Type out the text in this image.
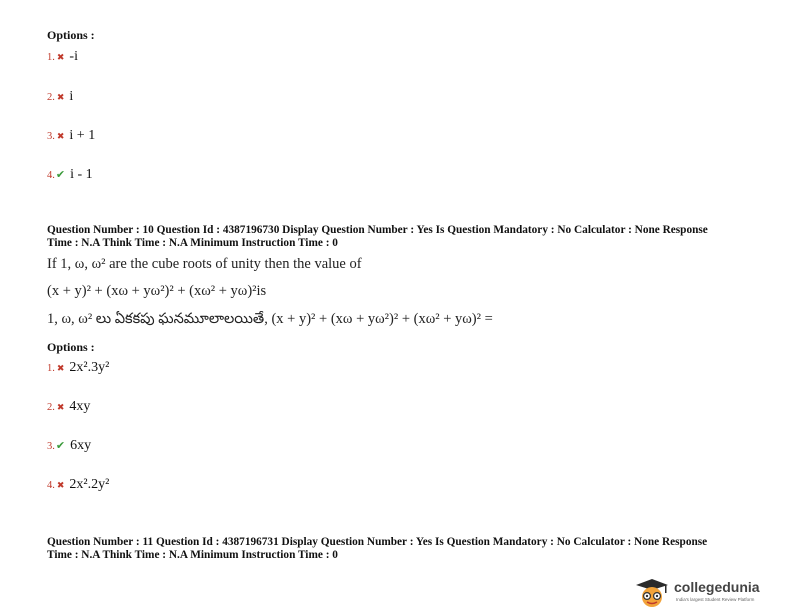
Options :
1. ✖ -i
2. ✖ i
3. ✖ i + 1
4. ✔ i - 1
Question Number : 10 Question Id : 4387196730 Display Question Number : Yes Is Question Mandatory : No Calculator : None Response
Time : N.A Think Time : N.A Minimum Instruction Time : 0
If 1, ω, ω² are the cube roots of unity then the value of
(x + y)² + (xω + yω²)² + (xω² + yω)²is
1, ω, ω² లు ఏకకపు ఘనమూలాలయితే, (x + y)² + (xω + yω²)² + (xω² + yω)² =
Options :
1. ✖ 2x².3y²
2. ✖ 4xy
3. ✔ 6xy
4. ✖ 2x².2y²
Question Number : 11 Question Id : 4387196731 Display Question Number : Yes Is Question Mandatory : No Calculator : None Response
Time : N.A Think Time : N.A Minimum Instruction Time : 0
collegedunia
India's largest Student Review Platform
